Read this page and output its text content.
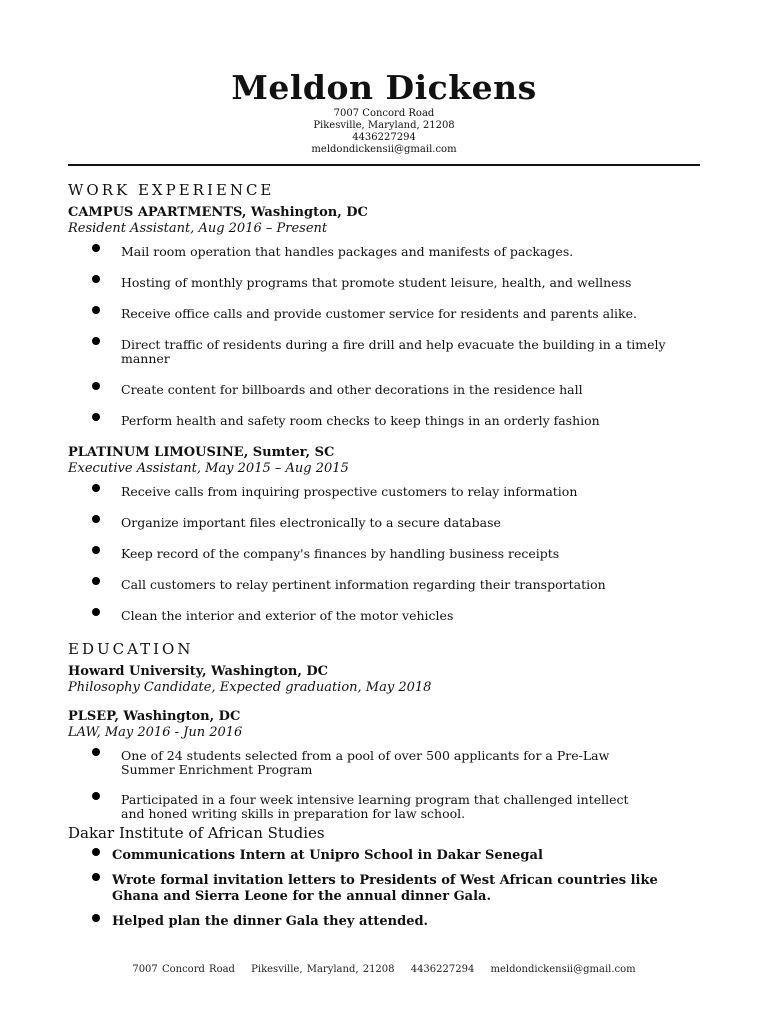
Meldon Dickens
7007 Concord Road
Pikesville, Maryland, 21208
4436227294
meldondickensii@gmail.com
WORK EXPERIENCE
CAMPUS APARTMENTS, Washington, DC
Resident Assistant, Aug 2016 – Present
Mail room operation that handles packages and manifests of packages.
Hosting of monthly programs that promote student leisure, health, and wellness
Receive office calls and provide customer service for residents and parents alike.
Direct traffic of residents during a fire drill and help evacuate the building in a timely manner
Create content for billboards and other decorations in the residence hall
Perform health and safety room checks to keep things in an orderly fashion
PLATINUM LIMOUSINE, Sumter, SC
Executive Assistant, May 2015 – Aug 2015
Receive calls from inquiring prospective customers to relay information
Organize important files electronically to a secure database
Keep record of the company's finances by handling business receipts
Call customers to relay pertinent information regarding their transportation
Clean the interior and exterior of the motor vehicles
EDUCATION
Howard University, Washington, DC
Philosophy Candidate, Expected graduation, May 2018
PLSEP, Washington, DC
LAW, May 2016 - Jun 2016
One of 24 students selected from a pool of over 500 applicants for a Pre-Law Summer Enrichment Program
Participated in a four week intensive learning program that challenged intellect and honed writing skills in preparation for law school.
Dakar Institute of African Studies
Communications Intern at Unipro School in Dakar Senegal
Wrote formal invitation letters to Presidents of West African countries like Ghana and Sierra Leone for the annual dinner Gala.
Helped plan the dinner Gala they attended.
7007 Concord Road Pikesville, Maryland, 21208 4436227294 meldondickensii@gmail.com
